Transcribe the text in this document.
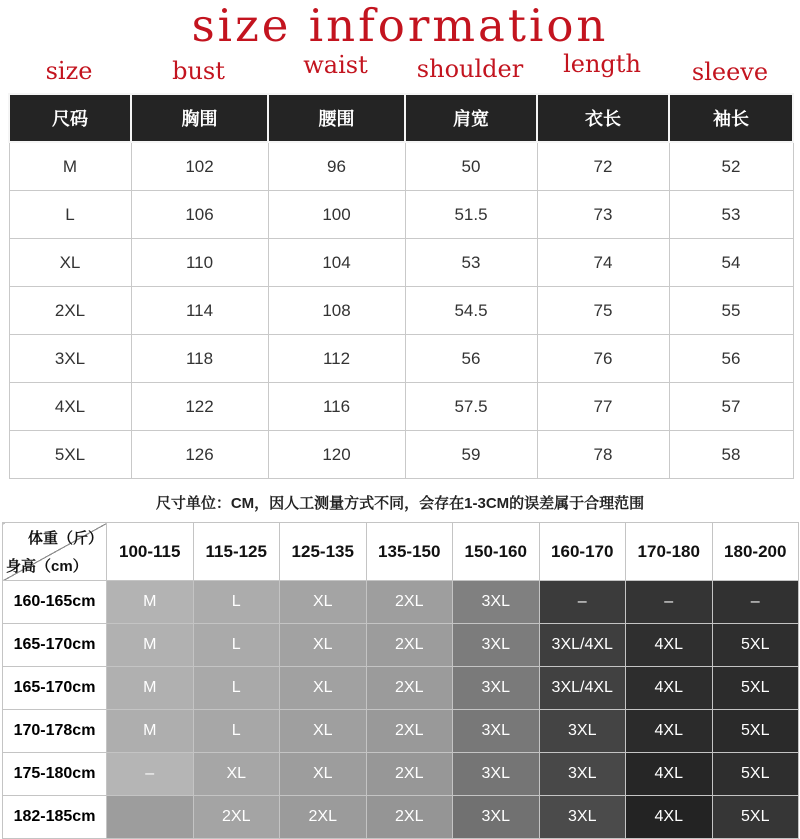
size information
size	bust	waist	shoulder	length	sleeve
尺码	胸围	腰围	肩宽	衣长	袖长
M	102	96	50	72	52
L	106	100	51.5	73	53
XL	110	104	53	74	54
2XL	114	108	54.5	75	55
3XL	118	112	56	76	56
4XL	122	116	57.5	77	57
5XL	126	120	59	78	58
尺寸单位：CM，因人工测量方式不同，会存在1-3CM的误差属于合理范围
体重（斤）
身高（cm）	100-115	115-125	125-135	135-150	150-160	160-170	170-180	180-200
160-165cm	M	L	XL	2XL	3XL	–	–	–
165-170cm	M	L	XL	2XL	3XL	3XL/4XL	4XL	5XL
165-170cm	M	L	XL	2XL	3XL	3XL/4XL	4XL	5XL
170-178cm	M	L	XL	2XL	3XL	3XL	4XL	5XL
175-180cm	–	XL	XL	2XL	3XL	3XL	4XL	5XL
182-185cm		2XL	2XL	2XL	3XL	3XL	4XL	5XL
